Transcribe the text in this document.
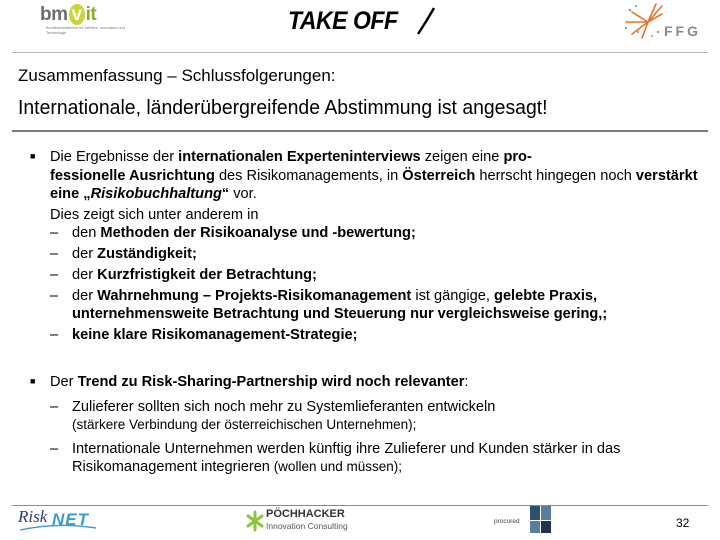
bm v it
Bundesministerium für Verkehr, Innovation und Technologie	TAKE OFF	FFG
Zusammenfassung – Schlussfolgerungen:
Internationale, länderübergreifende Abstimmung ist angesagt!
■ Die Ergebnisse der internationalen Experteninterviews zeigen eine pro-
fessionelle Ausrichtung des Risikomanagements, in Österreich herrscht hingegen noch verstärkt eine „Risikobuchhaltung“ vor.

Dies zeigt sich unter anderem in

– den Methoden der Risikoanalyse und -bewertung;
– der Zuständigkeit;
– der Kurzfristigkeit der Betrachtung;
– der Wahrnehmung – Projekts-Risikomanagement ist gängige, gelebte Praxis, unternehmensweite Betrachtung und Steuerung nur vergleichsweise gering,;
– keine klare Risikomanagement-Strategie;
■ Der Trend zu Risk-Sharing-Partnership wird noch relevanter:

– Zulieferer sollten sich noch mehr zu Systemlieferanten entwickeln
(stärkere Verbindung der österreichischen Unternehmen);
– Internationale Unternehmen werden künftig ihre Zulieferer und Kunden stärker in das Risikomanagement integrieren (wollen und müssen);
Risk NET	PÖCHHACKER
Innovation Consulting	procured	32
